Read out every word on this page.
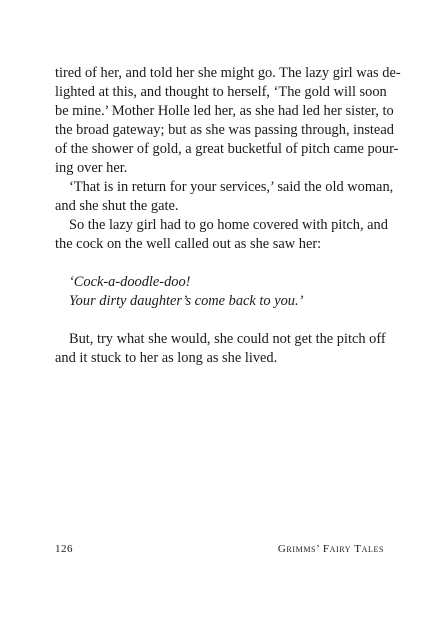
tired of her, and told her she might go. The lazy girl was de-
lighted at this, and thought to herself, ‘The gold will soon
be mine.’ Mother Holle led her, as she had led her sister, to
the broad gateway; but as she was passing through, instead
of the shower of gold, a great bucketful of pitch came pour-
ing over her.
‘That is in return for your services,’ said the old woman,
and she shut the gate.
So the lazy girl had to go home covered with pitch, and
the cock on the well called out as she saw her:
‘Cock-a-doodle-doo!
Your dirty daughter’s come back to you.’
But, try what she would, she could not get the pitch off
and it stuck to her as long as she lived.
126	Grimms’ Fairy Tales
